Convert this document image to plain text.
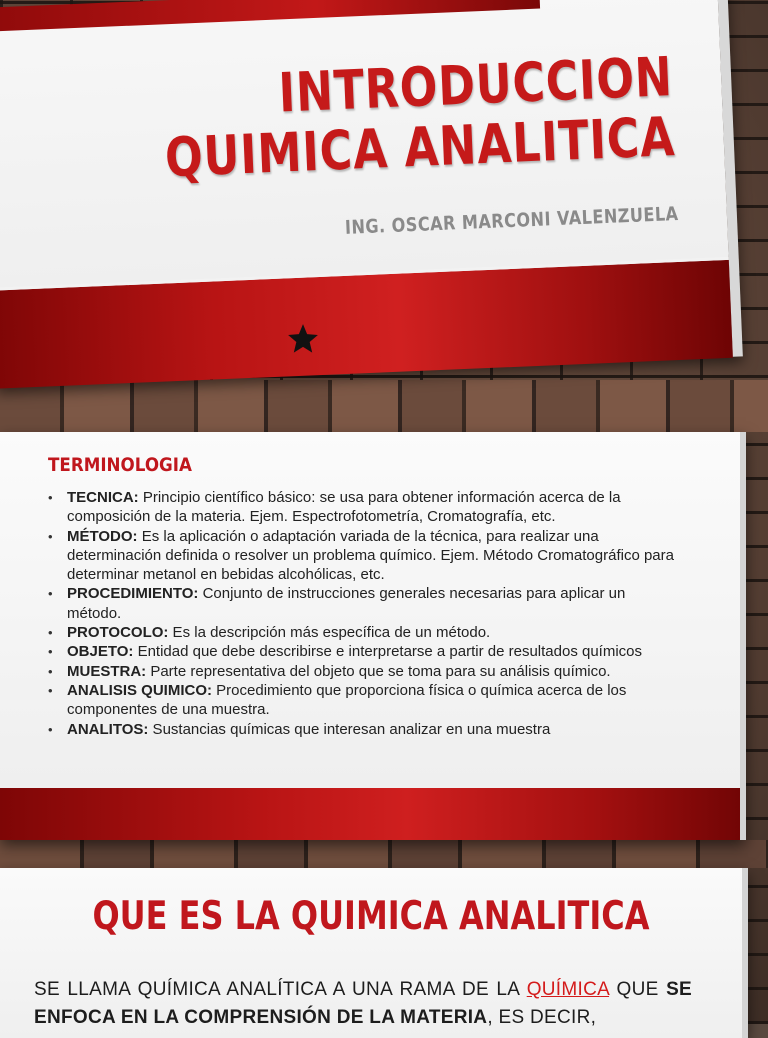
INTRODUCCION
QUIMICA ANALITICA
ING. OSCAR MARCONI VALENZUELA
TERMINOLOGIA
• TECNICA: Principio científico básico: se usa para obtener información acerca de la composición de la materia. Ejem. Espectrofotometría, Cromatografía, etc.
• MÉTODO: Es la aplicación o adaptación variada de la técnica, para realizar una determinación definida o resolver un problema químico. Ejem. Método Cromatográfico para determinar metanol en bebidas alcohólicas, etc.
• PROCEDIMIENTO: Conjunto de instrucciones generales necesarias para aplicar un método.
• PROTOCOLO: Es la descripción más específica de un método.
• OBJETO: Entidad que debe describirse e interpretarse a partir de resultados químicos
• MUESTRA: Parte representativa del objeto que se toma para su análisis químico.
• ANALISIS QUIMICO: Procedimiento que proporciona física o química acerca de los componentes de una muestra.
• ANALITOS: Sustancias químicas que interesan analizar en una muestra
QUE ES LA QUIMICA ANALITICA
SE LLAMA QUÍMICA ANALÍTICA A UNA RAMA DE LA QUÍMICA QUE SE ENFOCA EN LA COMPRENSIÓN DE LA MATERIA, ES DECIR,
